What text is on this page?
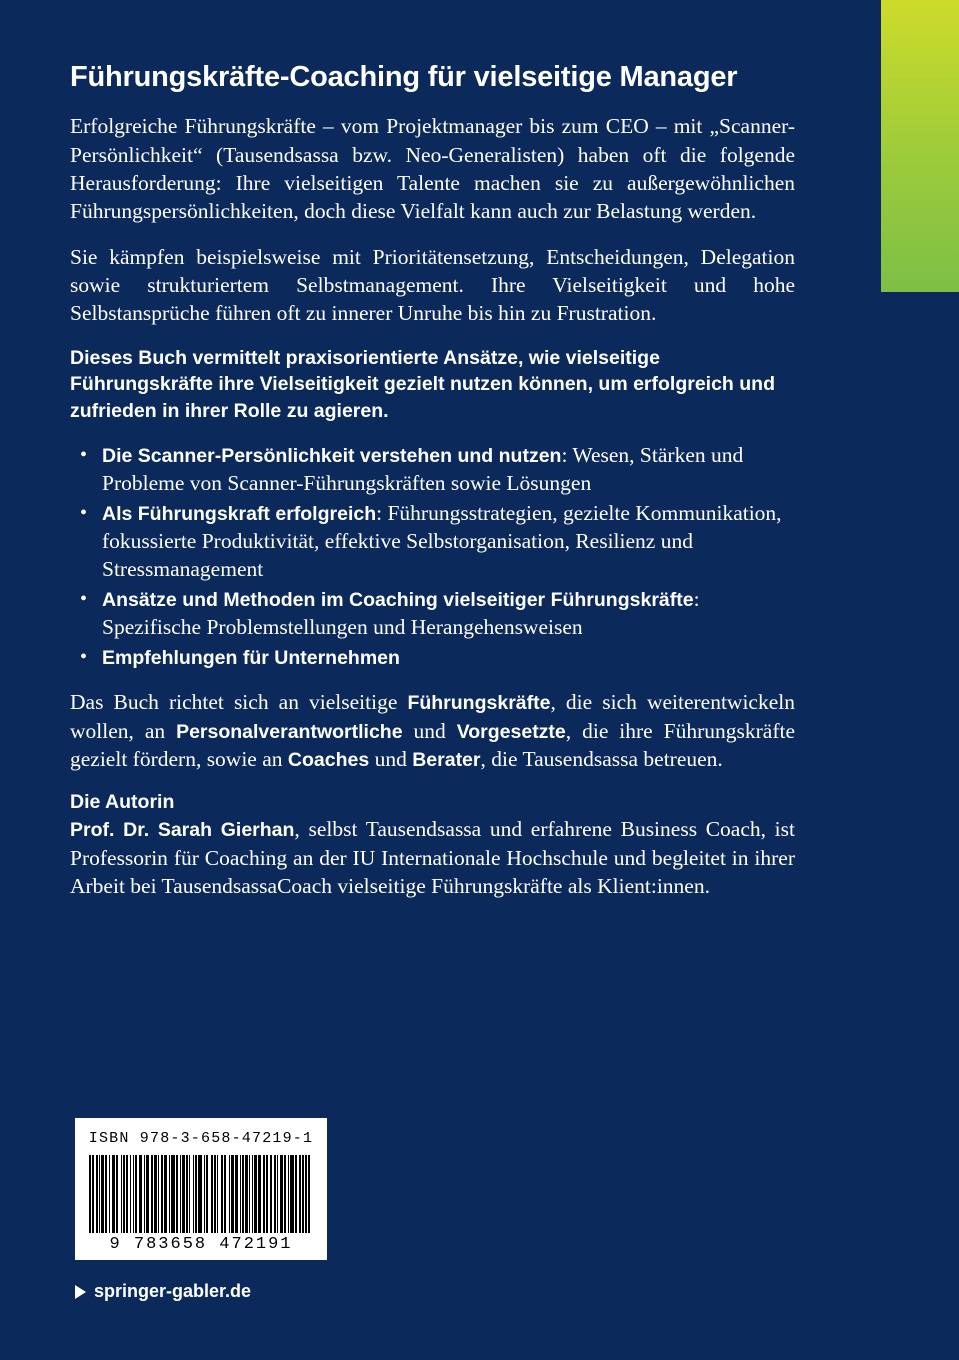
Führungskräfte-Coaching für vielseitige Manager

Erfolgreiche Führungskräfte – vom Projektmanager bis zum CEO – mit „Scanner-Persönlichkeit“ (Tausendsassa bzw. Neo-Generalisten) haben oft die folgende Herausforderung: Ihre vielseitigen Talente machen sie zu außergewöhnlichen Führungspersönlichkeiten, doch diese Vielfalt kann auch zur Belastung werden.

Sie kämpfen beispielsweise mit Prioritätensetzung, Entscheidungen, Delegation sowie strukturiertem Selbstmanagement. Ihre Vielseitigkeit und hohe Selbstansprüche führen oft zu innerer Unruhe bis hin zu Frustration.

Dieses Buch vermittelt praxisorientierte Ansätze, wie vielseitige Führungskräfte ihre Vielseitigkeit gezielt nutzen können, um erfolgreich und zufrieden in ihrer Rolle zu agieren.

• Die Scanner-Persönlichkeit verstehen und nutzen: Wesen, Stärken und Probleme von Scanner-Führungskräften sowie Lösungen
• Als Führungskraft erfolgreich: Führungsstrategien, gezielte Kommunikation, fokussierte Produktivität, effektive Selbstorganisation, Resilienz und Stressmanagement
• Ansätze und Methoden im Coaching vielseitiger Führungskräfte: Spezifische Problemstellungen und Herangehensweisen
• Empfehlungen für Unternehmen

Das Buch richtet sich an vielseitige Führungskräfte, die sich weiterentwickeln wollen, an Personalverantwortliche und Vorgesetzte, die ihre Führungskräfte gezielt fördern, sowie an Coaches und Berater, die Tausendsassa betreuen.

Die Autorin

Prof. Dr. Sarah Gierhan, selbst Tausendsassa und erfahrene Business Coach, ist Professorin für Coaching an der IU Internationale Hochschule und begleitet in ihrer Arbeit bei TausendsassaCoach vielseitige Führungskräfte als Klient:innen.

ISBN 978-3-658-47219-1
9 783658 472191
springer-gabler.de
